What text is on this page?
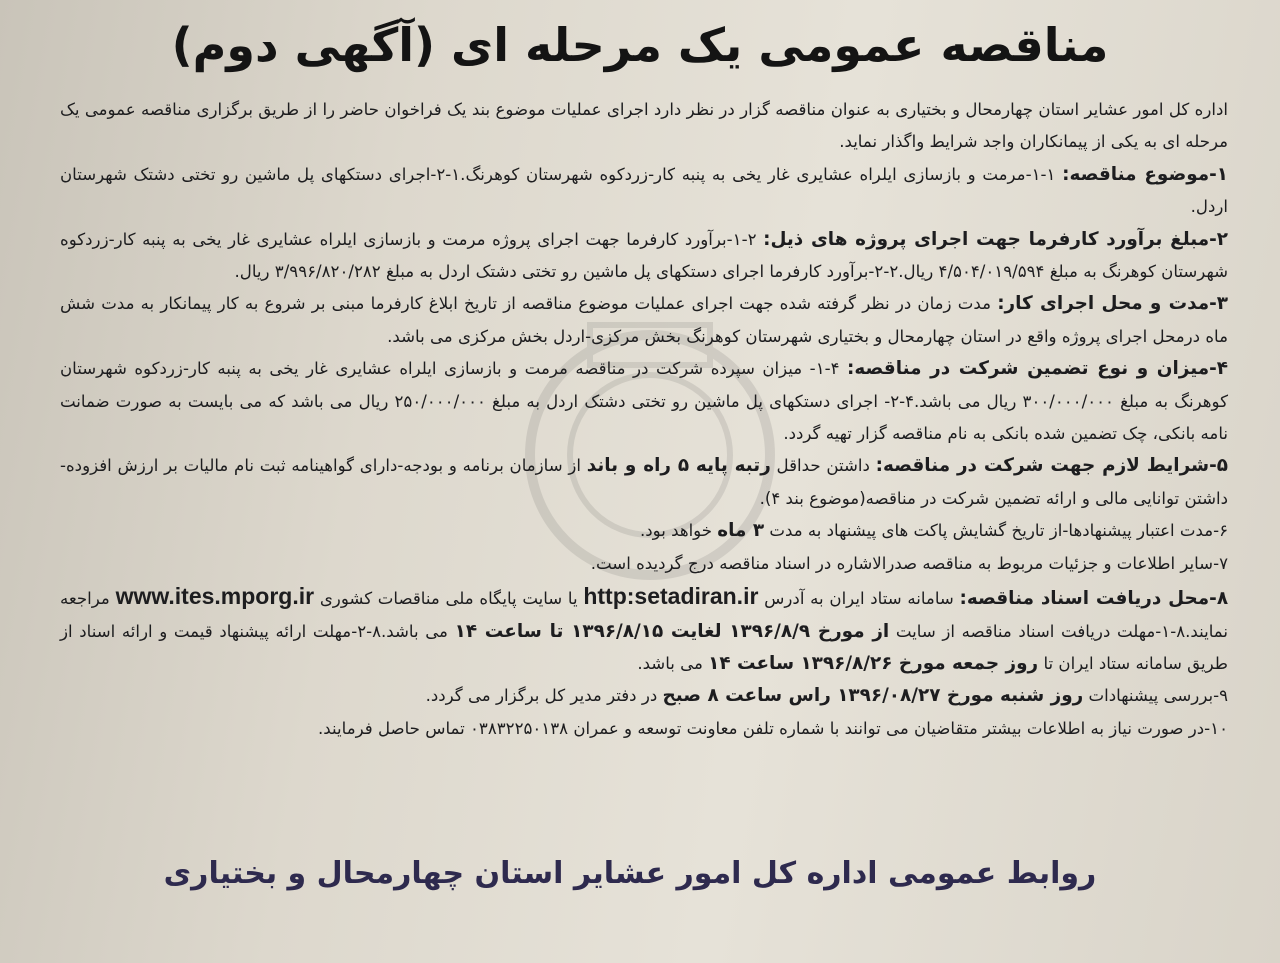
مناقصه عمومی یک مرحله ای (آگهی دوم)

اداره کل امور عشایر استان چهارمحال و بختیاری به عنوان مناقصه گزار در نظر دارد اجرای عملیات موضوع بند یک فراخوان حاضر را از طریق برگزاری مناقصه عمومی یک مرحله ای به یکی از پیمانکاران واجد شرایط واگذار نماید.

۱-موضوع مناقصه: ۱-۱-مرمت و بازسازی ایلراه عشایری غار یخی به پنبه کار-زردکوه شهرستان کوهرنگ.۱-۲-اجرای دستکهای پل ماشین رو تختی دشتک شهرستان اردل.

۲-مبلغ برآورد کارفرما جهت اجرای پروژه های ذیل: ۲-۱-برآورد کارفرما جهت اجرای پروژه مرمت و بازسازی ایلراه عشایری غار یخی به پنبه کار-زردکوه شهرستان کوهرنگ به مبلغ ۴/۵۰۴/۰۱۹/۵۹۴ ریال.۲-۲-برآورد کارفرما اجرای دستکهای پل ماشین رو تختی دشتک اردل به مبلغ ۳/۹۹۶/۸۲۰/۲۸۲ ریال.

۳-مدت و محل اجرای کار: مدت زمان در نظر گرفته شده جهت اجرای عملیات موضوع مناقصه از تاریخ ابلاغ کارفرما مبنی بر شروع به کار پیمانکار به مدت شش ماه درمحل اجرای پروژه واقع در استان چهارمحال و بختیاری شهرستان کوهرنگ بخش مرکزی-اردل بخش مرکزی می باشد.

۴-میزان و نوع تضمین شرکت در مناقصه: ۴-۱- میزان سپرده شرکت در مناقصه مرمت و بازسازی ایلراه عشایری غار یخی به پنبه کار-زردکوه شهرستان کوهرنگ به مبلغ ۳۰۰/۰۰۰/۰۰۰ ریال می باشد.۴-۲- اجرای دستکهای پل ماشین رو تختی دشتک اردل به مبلغ ۲۵۰/۰۰۰/۰۰۰ ریال می باشد که می بایست به صورت ضمانت نامه بانکی، چک تضمین شده بانکی به نام مناقصه گزار تهیه گردد.

۵-شرایط لازم جهت شرکت در مناقصه: داشتن حداقل رتبه پایه ۵ راه و باند از سازمان برنامه و بودجه-دارای گواهینامه ثبت نام مالیات بر ارزش افزوده-داشتن توانایی مالی و ارائه تضمین شرکت در مناقصه(موضوع بند ۴).

۶-مدت اعتبار پیشنهادها-از تاریخ گشایش پاکت های پیشنهاد به مدت ۳ ماه خواهد بود.

۷-سایر اطلاعات و جزئیات مربوط به مناقصه صدرالاشاره در اسناد مناقصه درج گردیده است.

۸-محل دریافت اسناد مناقصه: سامانه ستاد ایران به آدرس http:setadiran.ir یا سایت پایگاه ملی مناقصات کشوری www.ites.mporg.ir مراجعه نمایند.۸-۱-مهلت دریافت اسناد مناقصه از سایت از مورخ ۱۳۹۶/۸/۹ لغایت ۱۳۹۶/۸/۱۵ تا ساعت ۱۴ می باشد.۸-۲-مهلت ارائه پیشنهاد قیمت و ارائه اسناد از طریق سامانه ستاد ایران تا روز جمعه مورخ ۱۳۹۶/۸/۲۶ ساعت ۱۴ می باشد.

۹-بررسی پیشنهادات روز شنبه مورخ ۱۳۹۶/۰۸/۲۷ راس ساعت ۸ صبح در دفتر مدیر کل برگزار می گردد.

۱۰-در صورت نیاز به اطلاعات بیشتر متقاضیان می توانند با شماره تلفن معاونت توسعه و عمران ۰۳۸۳۲۲۵۰۱۳۸ تماس حاصل فرمایند.

روابط عمومی اداره کل امور عشایر استان چهارمحال و بختیاری
